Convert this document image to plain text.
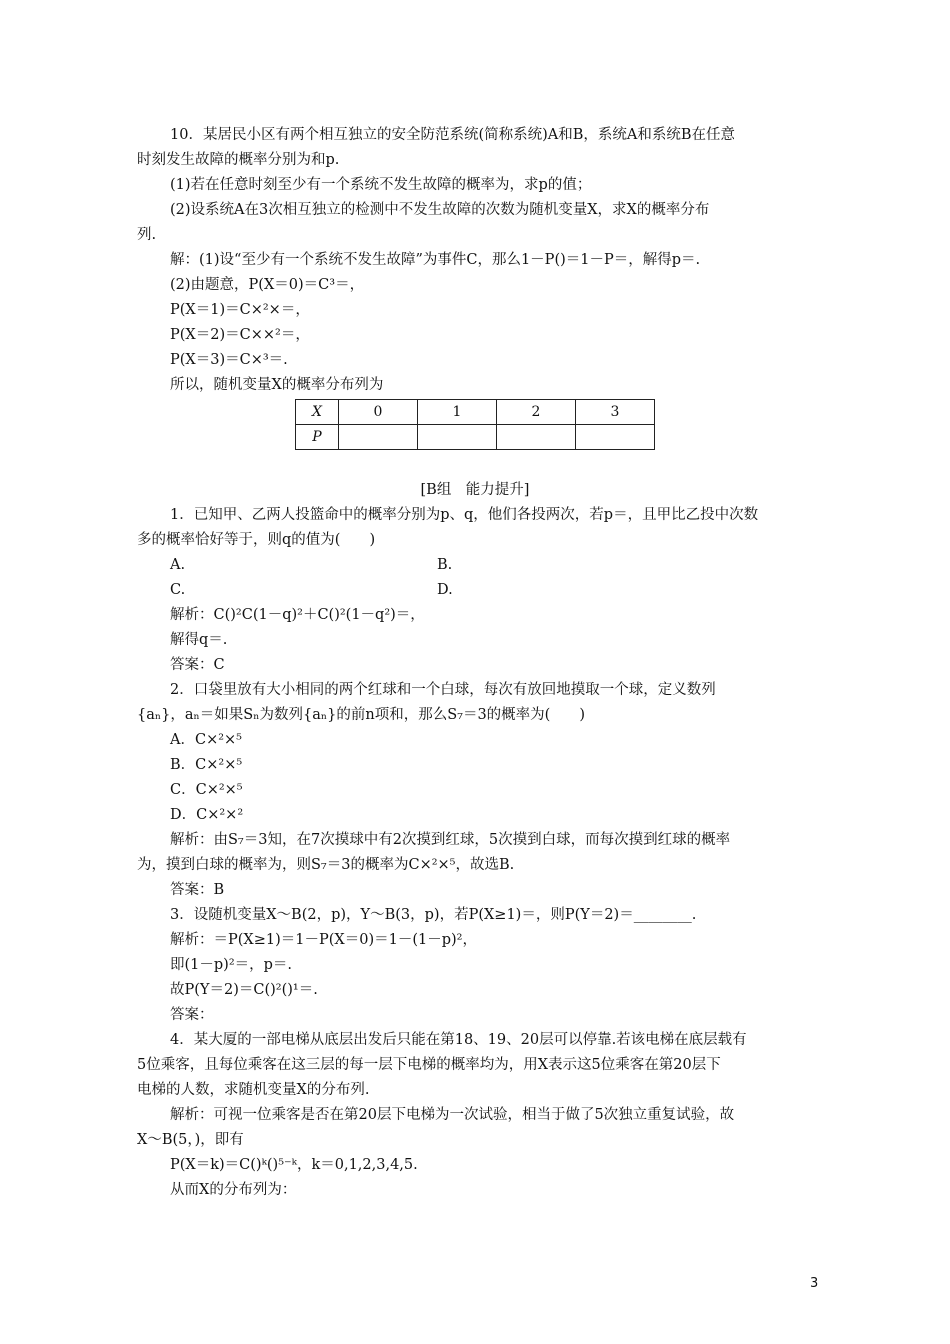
10．某居民小区有两个相互独立的安全防范系统(简称系统)A和B，系统A和系统B在任意
时刻发生故障的概率分别为和p.
(1)若在任意时刻至少有一个系统不发生故障的概率为，求p的值；
(2)设系统A在3次相互独立的检测中不发生故障的次数为随机变量X，求X的概率分布
列.
解：(1)设“至少有一个系统不发生故障”为事件C，那么1－P()＝1－P＝，解得p＝.
(2)由题意，P(X＝0)＝C³＝，
P(X＝1)＝C×²×＝，
P(X＝2)＝C××²＝，
P(X＝3)＝C×³＝.
所以，随机变量X的概率分布列为
X	0	1	2	3
P				
[B组　能力提升]
1．已知甲、乙两人投篮命中的概率分别为p、q，他们各投两次，若p＝，且甲比乙投中次数
多的概率恰好等于，则q的值为(　　)
A.	B.
C.	D.
解析：C()²C(1－q)²＋C()²(1－q²)＝，
解得q＝.
答案：C
2．口袋里放有大小相同的两个红球和一个白球，每次有放回地摸取一个球，定义数列
{aₙ}，aₙ＝如果Sₙ为数列{aₙ}的前n项和，那么S₇＝3的概率为(　　)
A．C×²×⁵
B．C×²×⁵
C．C×²×⁵
D．C×²×²
解析：由S₇＝3知，在7次摸球中有2次摸到红球，5次摸到白球，而每次摸到红球的概率
为，摸到白球的概率为，则S₇＝3的概率为C×²×⁵，故选B.
答案：B
3．设随机变量X～B(2，p)，Y～B(3，p)，若P(X≥1)＝，则P(Y＝2)＝________.
解析：＝P(X≥1)＝1－P(X＝0)＝1－(1－p)²，
即(1－p)²＝，p＝.
故P(Y＝2)＝C()²()¹＝.
答案：
4．某大厦的一部电梯从底层出发后只能在第18、19、20层可以停靠.若该电梯在底层载有
5位乘客，且每位乘客在这三层的每一层下电梯的概率均为，用X表示这5位乘客在第20层下
电梯的人数，求随机变量X的分布列.
解析：可视一位乘客是否在第20层下电梯为一次试验，相当于做了5次独立重复试验，故
X～B(5，)，即有
P(X＝k)＝C()ᵏ()⁵⁻ᵏ，k＝0,1,2,3,4,5.
从而X的分布列为：
3
